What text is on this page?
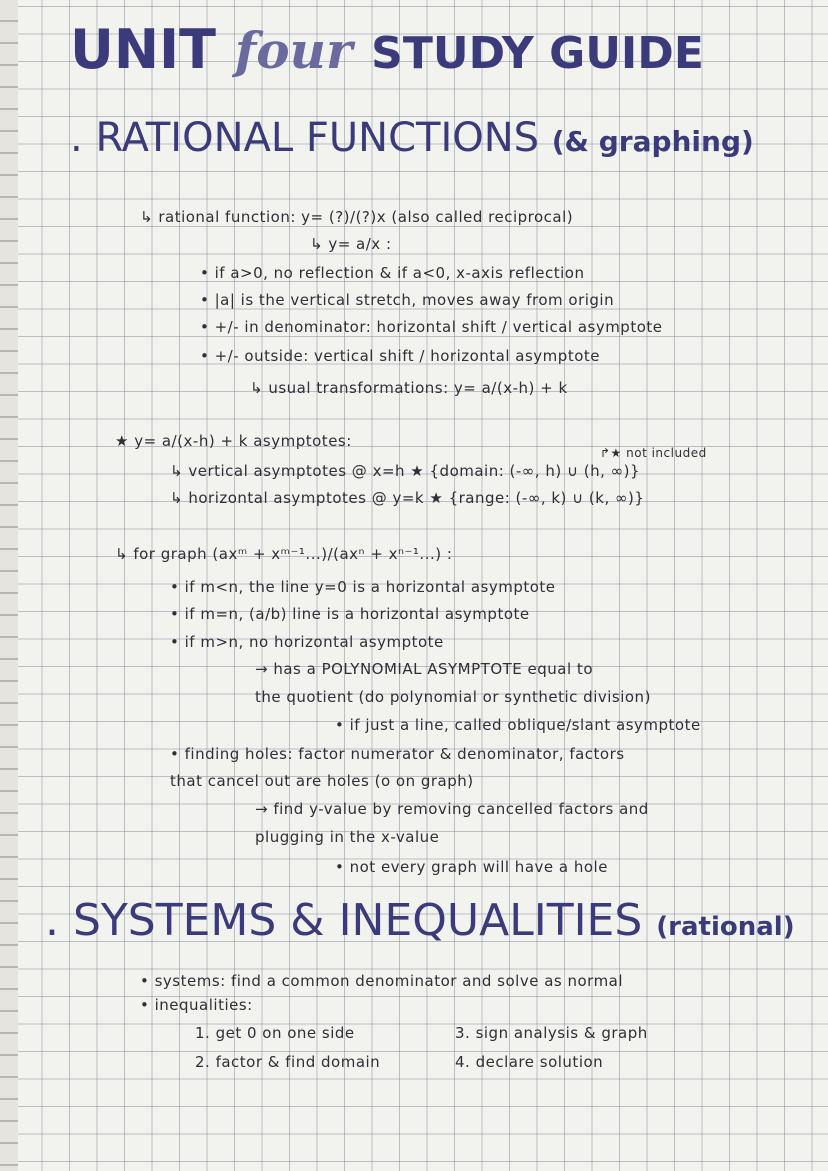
UNIT four STUDY GUIDE
. RATIONAL FUNCTIONS (& graphing)
↳ rational function: y= (?)/(?)x (also called reciprocal)
↳ y= a/x :
• if a>0, no reflection & if a<0, x-axis reflection
• |a| is the vertical stretch, moves away from origin
• +/- in denominator: horizontal shift / vertical asymptote
• +/- outside: vertical shift / horizontal asymptote
↳ usual transformations: y= a/(x-h) + k
★ y= a/(x-h) + k asymptotes:
↱★ not included
↳ vertical asymptotes @ x=h ★ {domain: (-∞, h) ∪ (h, ∞)}
↳ horizontal asymptotes @ y=k ★ {range: (-∞, k) ∪ (k, ∞)}
↳ for graph (axᵐ + xᵐ⁻¹...)/(axⁿ + xⁿ⁻¹...) :
• if m<n, the line y=0 is a horizontal asymptote
• if m=n, (a/b) line is a horizontal asymptote
• if m>n, no horizontal asymptote
→ has a POLYNOMIAL ASYMPTOTE equal to
the quotient (do polynomial or synthetic division)
• if just a line, called oblique/slant asymptote
• finding holes: factor numerator & denominator, factors
that cancel out are holes (o on graph)
→ find y-value by removing cancelled factors and
plugging in the x-value
• not every graph will have a hole
. SYSTEMS & INEQUALITIES (rational)
• systems: find a common denominator and solve as normal
• inequalities:
1. get 0 on one side	3. sign analysis & graph
2. factor & find domain	4. declare solution
